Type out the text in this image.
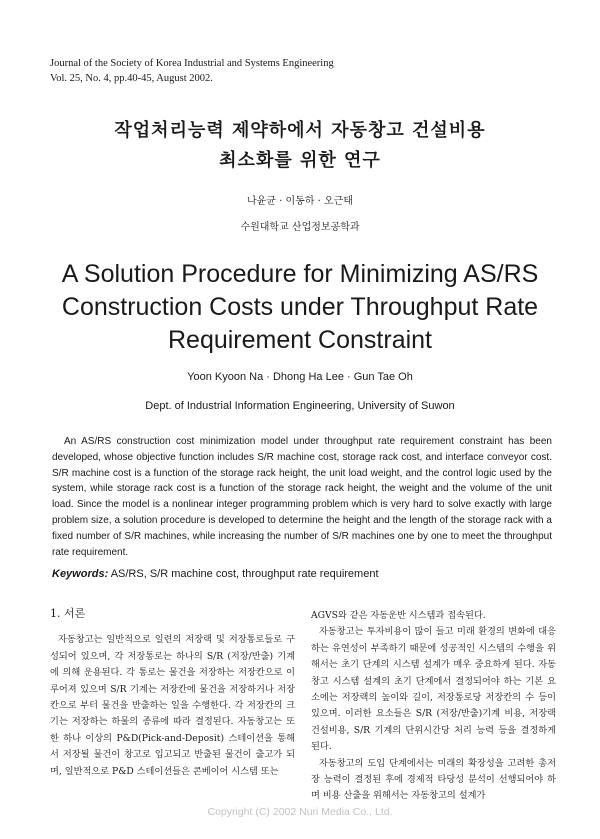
Journal of the Society of Korea Industrial and Systems Engineering
Vol. 25, No. 4, pp.40-45, August 2002.
작업처리능력 제약하에서 자동창고 건설비용
최소화를 위한 연구
나윤균 · 이동하 · 오근태
수원대학교 산업정보공학과
A Solution Procedure for Minimizing AS/RS
Construction Costs under Throughput Rate
Requirement Constraint
Yoon Kyoon Na · Dhong Ha Lee · Gun Tae Oh
Dept. of Industrial Information Engineering, University of Suwon

An AS/RS construction cost minimization model under throughput rate requirement constraint has been developed, whose objective function includes S/R machine cost, storage rack cost, and interface conveyor cost. S/R machine cost is a function of the storage rack height, the unit load weight, and the control logic used by the system, while storage rack cost is a function of the storage rack height, the weight and the volume of the unit load. Since the model is a nonlinear integer programming problem which is very hard to solve exactly with large problem size, a solution procedure is developed to determine the height and the length of the storage rack with a fixed number of S/R machines, while increasing the number of S/R machines one by one to meet the throughput rate requirement.

Keywords: AS/RS, S/R machine cost, throughput rate requirement
1. 서론

자동창고는 일반적으로 일련의 저장랙 및 저장통로들로 구성되어 있으며, 각 저장통로는 하나의 S/R (저장/반출) 기계에 의해 운용된다. 각 통로는 물건을 저장하는 저장칸으로 이루어져 있으며 S/R 기계는 저장칸에 물건을 저장하거나 저장칸으로 부터 물건을 반출하는 일을 수행한다. 각 저장칸의 크기는 저장하는 하물의 종류에 따라 결정된다. 자동창고는 또한 하나 이상의 P&D(Pick-and-Deposit) 스테이션을 통해서 저장될 물건이 창고로 입고되고 반출된 물건이 출고가 되며, 일반적으로 P&D 스테이션들은 콘베이어 시스템 또는

AGVS와 같은 자동운반 시스템과 접속된다.

자동창고는 투자비용이 많이 들고 미래 환경의 변화에 대응하는 유연성이 부족하기 때문에 성공적인 시스템의 수행을 위해서는 초기 단계의 시스템 설계가 매우 중요하게 된다. 자동창고 시스템 설계의 초기 단계에서 결정되어야 하는 기본 요소에는 저장랙의 높이와 길이, 저장통로당 저장칸의 수 등이 있으며. 이러한 요소들은 S/R (저장/반출)기계 비용, 저장랙 건설비용, S/R 기계의 단위시간당 처리 능력 등을 결정하게 된다.

자동창고의 도입 단계에서는 미래의 확장성을 고려한 총저장 능력이 결정된 후에 경제적 타당성 분석이 선행되어야 하며 비용 산출을 위해서는 자동창고의 설계가

Copyright (C) 2002 Nuri Media Co., Ltd.
